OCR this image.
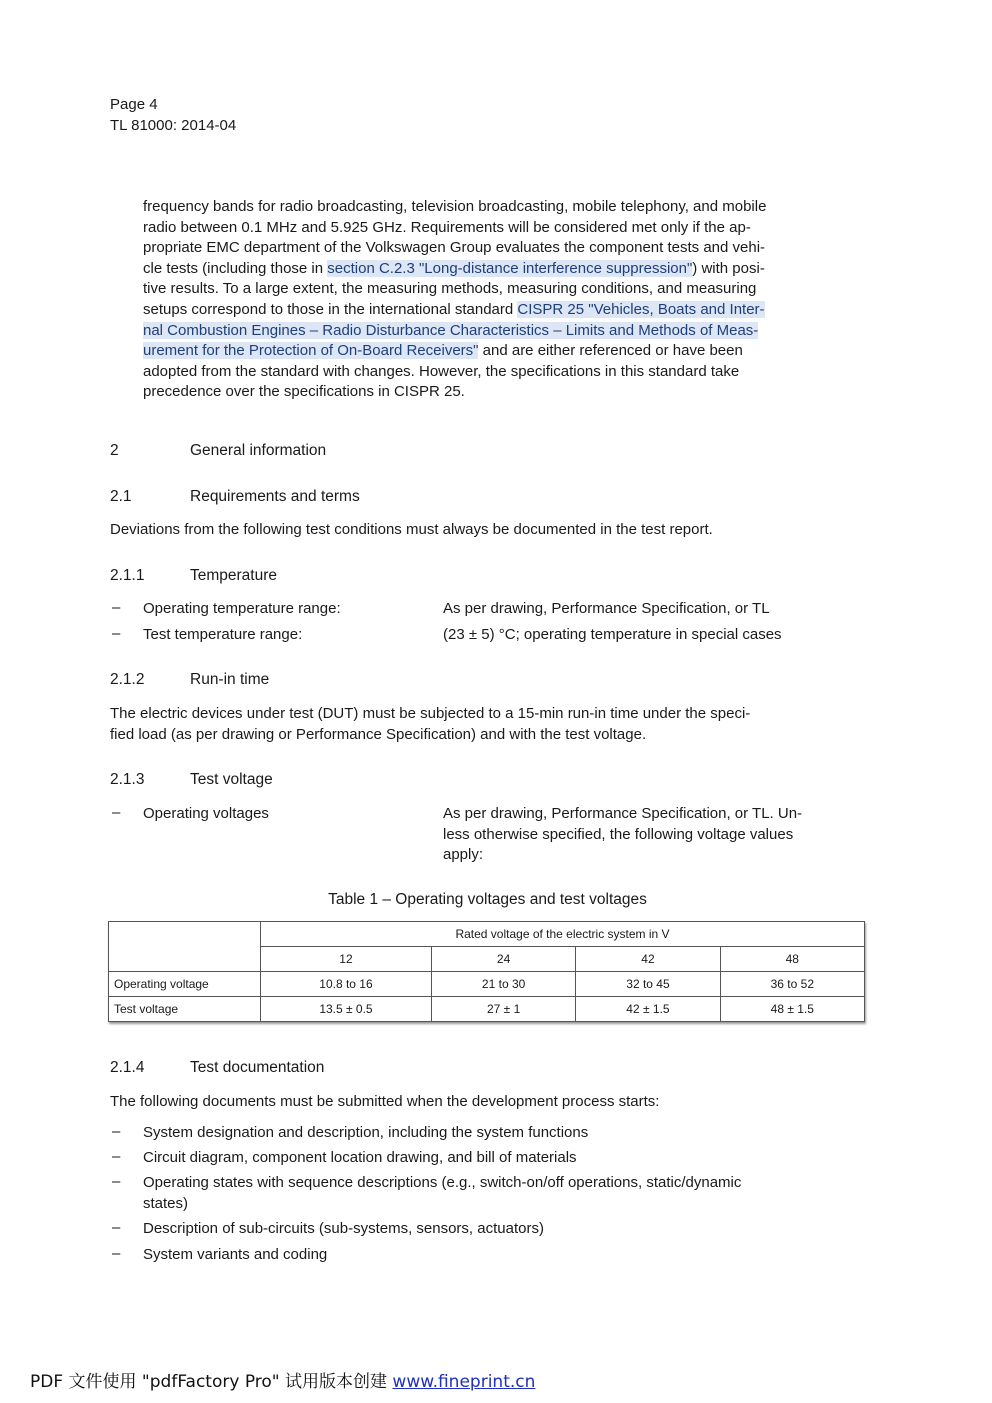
Page 4
TL 81000: 2014-04
frequency bands for radio broadcasting, television broadcasting, mobile telephony, and mobile
radio between 0.1 MHz and 5.925 GHz. Requirements will be considered met only if the ap-
propriate EMC department of the Volkswagen Group evaluates the component tests and vehi-
cle tests (including those in section C.2.3 "Long-distance interference suppression") with posi-
tive results. To a large extent, the measuring methods, measuring conditions, and measuring
setups correspond to those in the international standard CISPR 25 "Vehicles, Boats and Inter-
nal Combustion Engines – Radio Disturbance Characteristics – Limits and Methods of Meas-
urement for the Protection of On-Board Receivers" and are either referenced or have been
adopted from the standard with changes. However, the specifications in this standard take
precedence over the specifications in CISPR 25.
2	General information
2.1	Requirements and terms
Deviations from the following test conditions must always be documented in the test report.
2.1.1	Temperature
– Operating temperature range:	As per drawing, Performance Specification, or TL
– Test temperature range:	(23 ± 5) °C; operating temperature in special cases
2.1.2	Run-in time
The electric devices under test (DUT) must be subjected to a 15-min run-in time under the speci-
fied load (as per drawing or Performance Specification) and with the test voltage.
2.1.3	Test voltage
– Operating voltages	As per drawing, Performance Specification, or TL. Un-
less otherwise specified, the following voltage values
apply:
Table 1 – Operating voltages and test voltages
	Rated voltage of the electric system in V			
	12	24	42	48
Operating voltage	10.8 to 16	21 to 30	32 to 45	36 to 52
Test voltage	13.5 ± 0.5	27 ± 1	42 ± 1.5	48 ± 1.5
2.1.4	Test documentation
The following documents must be submitted when the development process starts:
– System designation and description, including the system functions
– Circuit diagram, component location drawing, and bill of materials
– Operating states with sequence descriptions (e.g., switch-on/off operations, static/dynamic
states)
– Description of sub-circuits (sub-systems, sensors, actuators)
– System variants and coding
PDF 文件使用 "pdfFactory Pro" 试用版本创建 www.fineprint.cn
